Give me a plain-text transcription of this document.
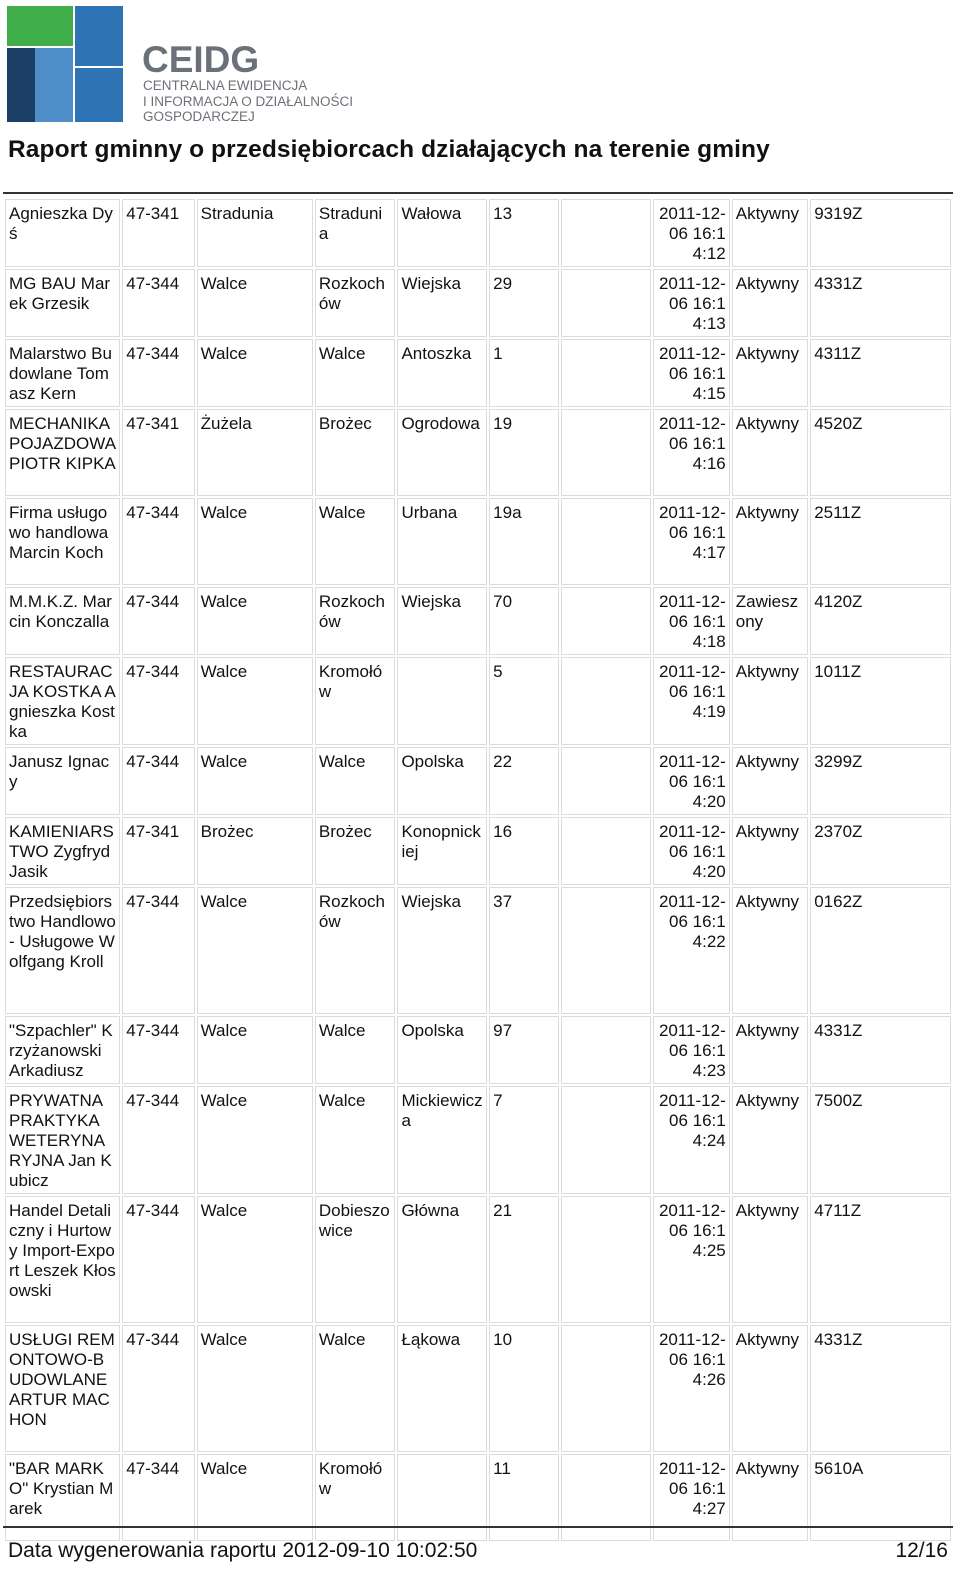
CEIDG
CENTRALNA EWIDENCJA
I INFORMACJA O DZIAŁALNOŚCI
GOSPODARCZEJ
Raport gminny o przedsiębiorcach działających na terenie gminy
Agnieszka Dyś	47-341	Stradunia	Stradunia	Wałowa	13		2011-12-06 16:14:12	Aktywny	9319Z
MG BAU Marek Grzesik	47-344	Walce	Rozkochów	Wiejska	29		2011-12-06 16:14:13	Aktywny	4331Z
Malarstwo Budowlane Tomasz Kern	47-344	Walce	Walce	Antoszka	1		2011-12-06 16:14:15	Aktywny	4311Z
MECHANIKA POJAZDOWA PIOTR KIPKA	47-341	Żużela	Brożec	Ogrodowa	19		2011-12-06 16:14:16	Aktywny	4520Z
Firma usługowo handlowa Marcin Koch	47-344	Walce	Walce	Urbana	19a		2011-12-06 16:14:17	Aktywny	2511Z
M.M.K.Z. Marcin Konczalla	47-344	Walce	Rozkochów	Wiejska	70		2011-12-06 16:14:18	Zawieszony	4120Z
RESTAURACJA KOSTKA Agnieszka Kostka	47-344	Walce	Kromołów		5		2011-12-06 16:14:19	Aktywny	1011Z
Janusz Ignacy	47-344	Walce	Walce	Opolska	22		2011-12-06 16:14:20	Aktywny	3299Z
KAMIENIARSTWO Zygfryd Jasik	47-341	Brożec	Brożec	Konopnickiej	16		2011-12-06 16:14:20	Aktywny	2370Z
Przedsiębiorstwo Handlowo - Usługowe Wolfgang Kroll	47-344	Walce	Rozkochów	Wiejska	37		2011-12-06 16:14:22	Aktywny	0162Z
"Szpachler" Krzyżanowski Arkadiusz	47-344	Walce	Walce	Opolska	97		2011-12-06 16:14:23	Aktywny	4331Z
PRYWATNA PRAKTYKA WETERYNARYJNA Jan Kubicz	47-344	Walce	Walce	Mickiewicza	7		2011-12-06 16:14:24	Aktywny	7500Z
Handel Detaliczny i Hurtowy Import-Export Leszek Kłosowski	47-344	Walce	Dobieszowice	Główna	21		2011-12-06 16:14:25	Aktywny	4711Z
USŁUGI REMONTOWO-BUDOWLANE ARTUR MACHON	47-344	Walce	Walce	Łąkowa	10		2011-12-06 16:14:26	Aktywny	4331Z
"BAR MARKO" Krystian Marek	47-344	Walce	Kromołów		11		2011-12-06 16:14:27	Aktywny	5610A
Data wygenerowania raportu 2012-09-10 10:02:50	12/16
